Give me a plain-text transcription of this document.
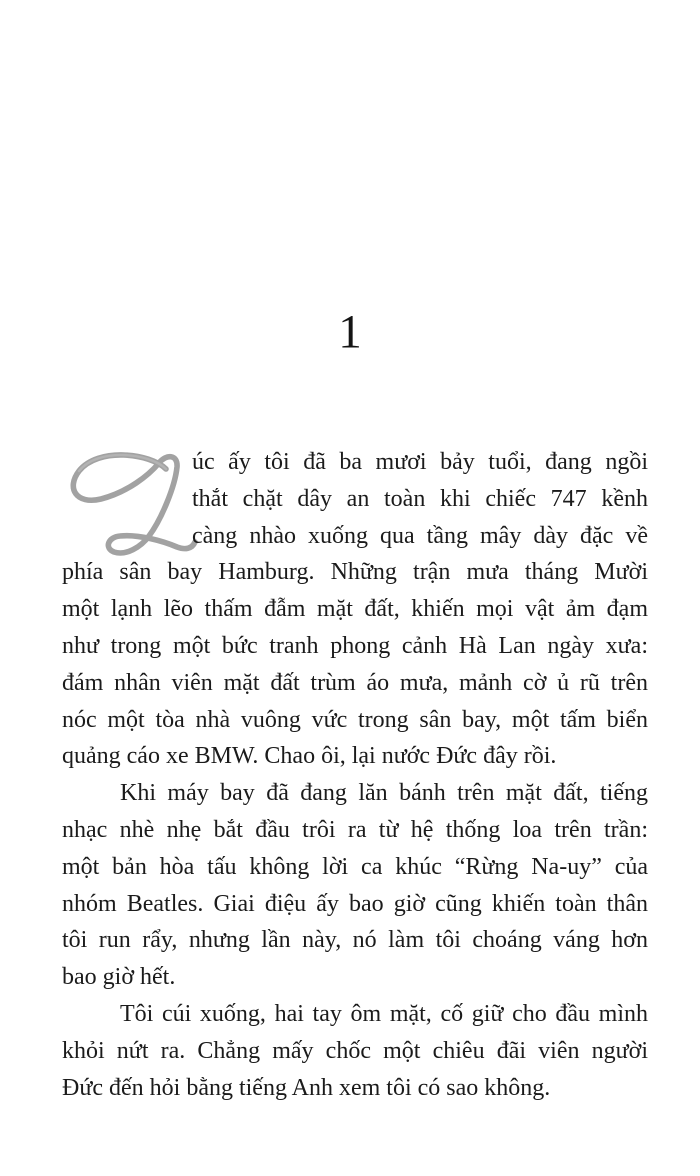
1
úc ấy tôi đã ba mươi bảy tuổi, đang ngồi
thắt chặt dây an toàn khi chiếc 747 kềnh
càng nhào xuống qua tầng mây dày đặc về
phía sân bay Hamburg. Những trận mưa tháng Mười
một lạnh lẽo thấm đẫm mặt đất, khiến mọi vật ảm đạm
như trong một bức tranh phong cảnh Hà Lan ngày xưa:
đám nhân viên mặt đất trùm áo mưa, mảnh cờ ủ rũ trên
nóc một tòa nhà vuông vức trong sân bay, một tấm biển
quảng cáo xe BMW. Chao ôi, lại nước Đức đây rồi.
Khi máy bay đã đang lăn bánh trên mặt đất, tiếng
nhạc nhè nhẹ bắt đầu trôi ra từ hệ thống loa trên trần:
một bản hòa tấu không lời ca khúc “Rừng Na-uy” của
nhóm Beatles. Giai điệu ấy bao giờ cũng khiến toàn thân
tôi run rẩy, nhưng lần này, nó làm tôi choáng váng hơn
bao giờ hết.
Tôi cúi xuống, hai tay ôm mặt, cố giữ cho đầu mình
khỏi nứt ra. Chẳng mấy chốc một chiêu đãi viên người
Đức đến hỏi bằng tiếng Anh xem tôi có sao không.
